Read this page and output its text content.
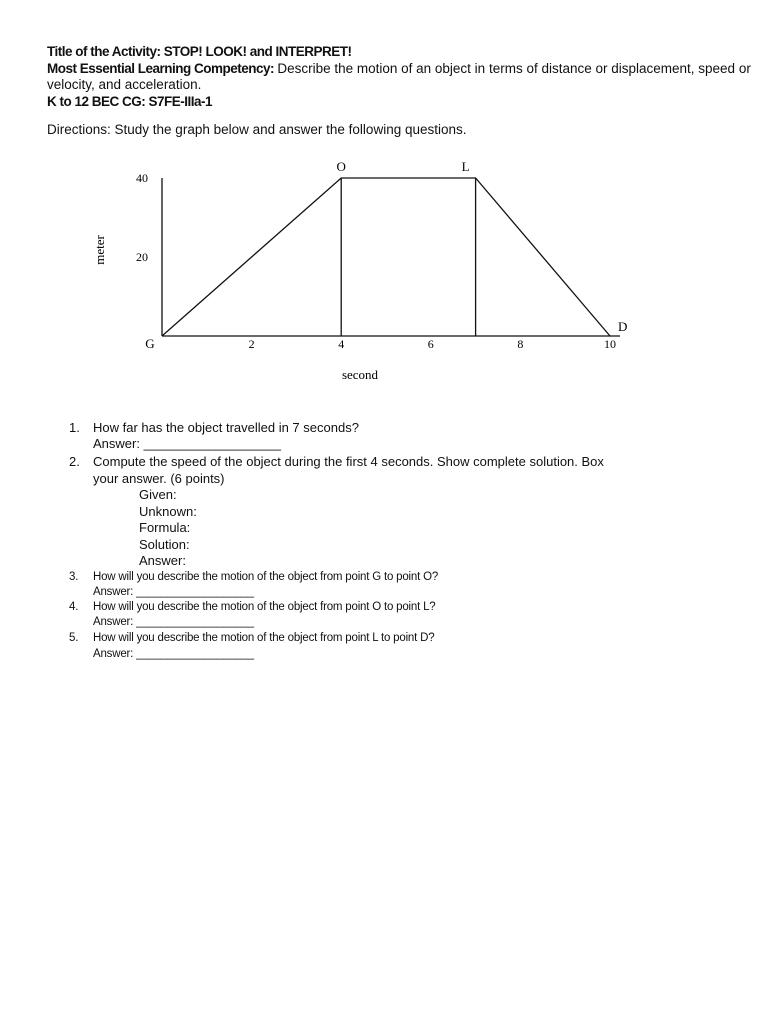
Title of the Activity: STOP! LOOK! and INTERPRET!
Most Essential Learning Competency: Describe the motion of an object in terms of distance or displacement, speed or
velocity, and acceleration.
K to 12 BEC CG: S7FE-IIIa-1
Directions: Study the graph below and answer the following questions.
20
40
2	4	6	8	10
G
O	L
D
meter
second
1. How far has the object travelled in 7 seconds?
Answer: ___________________
2. Compute the speed of the object during the first 4 seconds. Show complete solution. Box
your answer. (6 points)
Given:
Unknown:
Formula:
Solution:
Answer:
3. How will you describe the motion of the object from point G to point O?
Answer: ___________________
4. How will you describe the motion of the object from point O to point L?
Answer: ___________________
5. How will you describe the motion of the object from point L to point D?
Answer: ___________________
